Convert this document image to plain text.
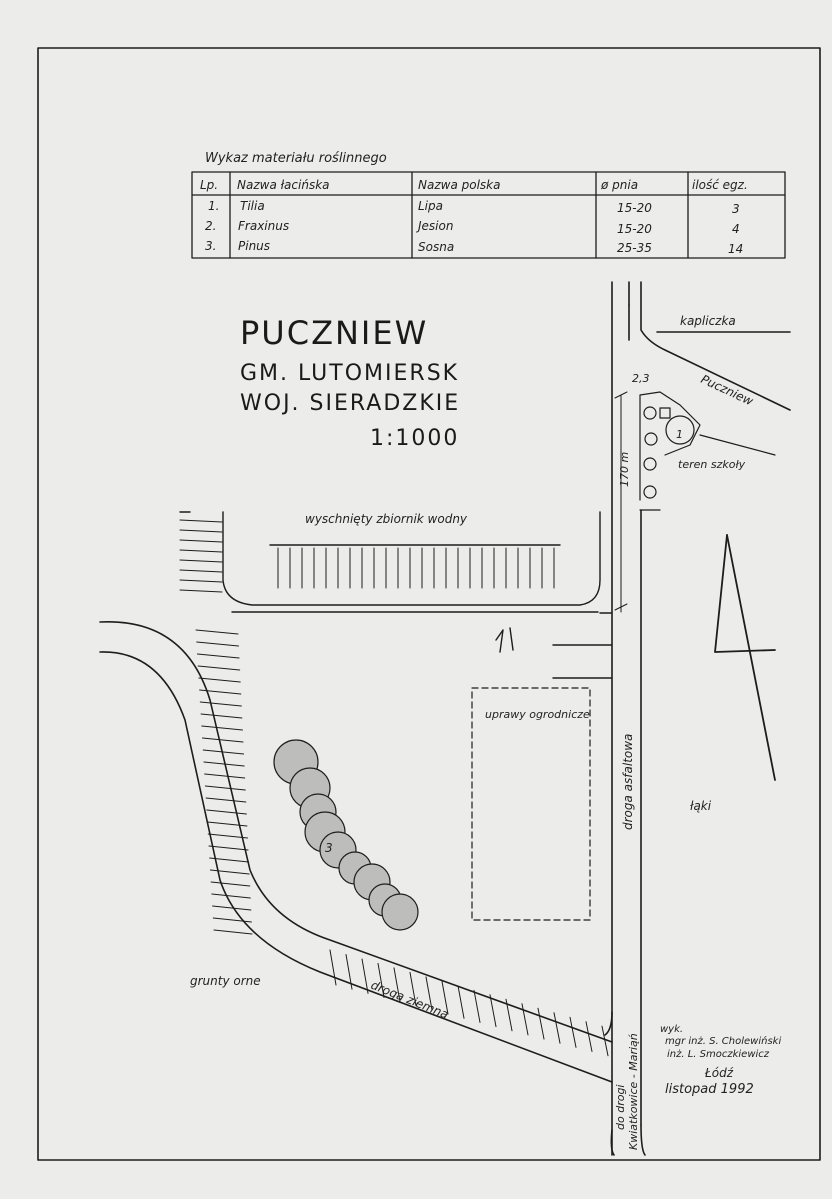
Wykaz materiału roślinnego
Lp. Nazwa łacińska	Nazwa polska	ø pnia	ilość egz.
1. Tilia	Lipa	15-20	3
2. Fraxinus	Jesion	15-20	4
3. Pinus	Sosna	25-35	14
PUCZNIEW
GM. LUTOMIERSK
WOJ. SIERADZKIE
1:1000
kapliczka
Puczniew
2,3
1
teren szkoły
170 m
wyschnięty zbiornik wodny
grunty orne	droga ziemna
3
uprawy ogrodnicze
droga asfaltowa
do drogi Kwiatkowice - Mariąń
łąki
wyk.
mgr inż. S. Cholewiński
inż. L. Smoczkiewicz
Łódź
listopad 1992
